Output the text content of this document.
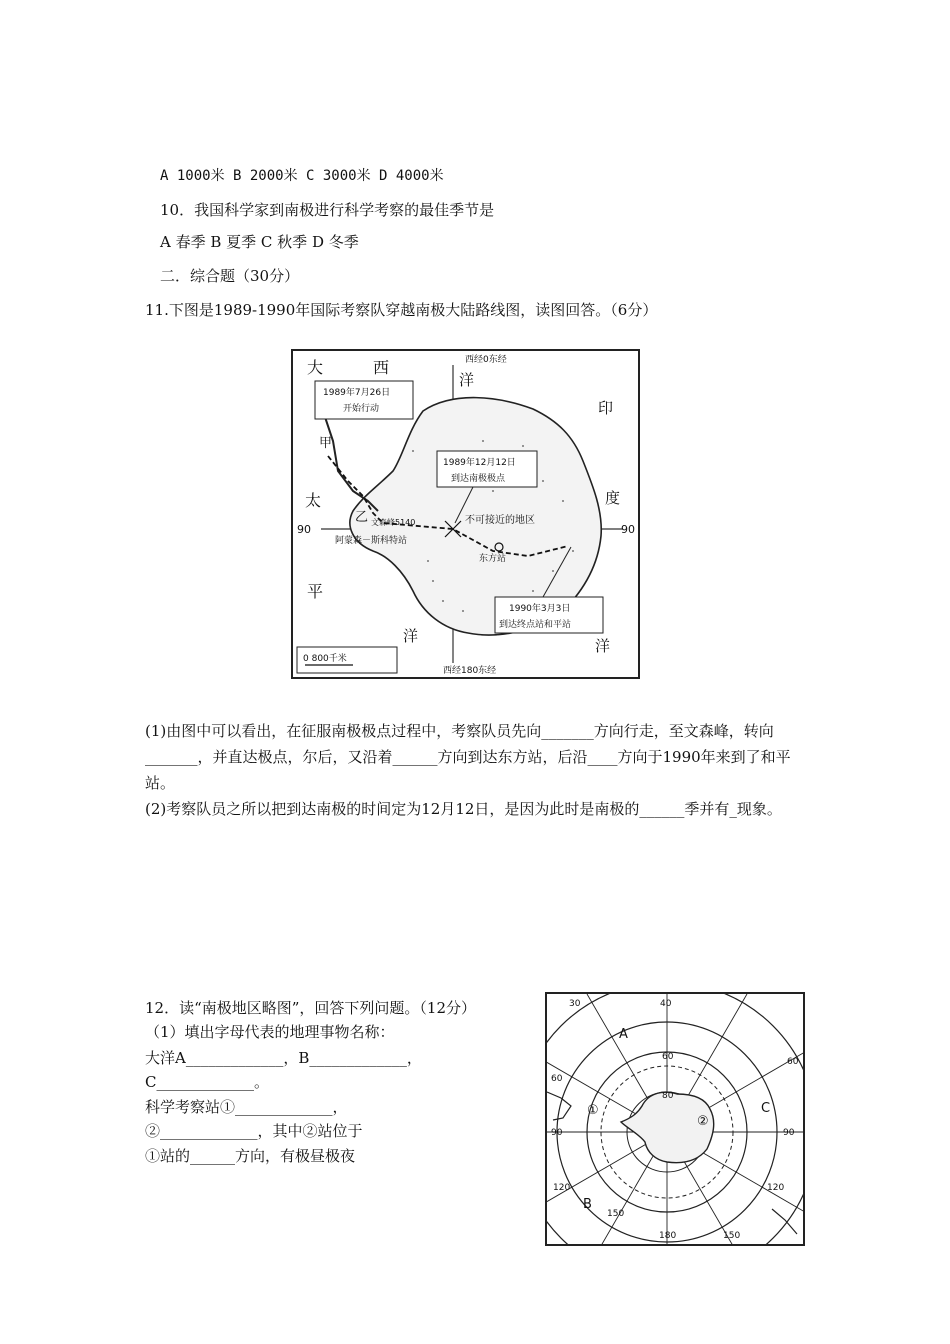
A 1000米 B 2000米 C 3000米 D 4000米
10．我国科学家到南极进行科学考察的最佳季节是
A 春季 B 夏季 C 秋季 D 冬季
二．综合题（30分）
11.下图是1989-1990年国际考察队穿越南极大陆路线图，读图回答。（6分）
大	西
洋
印
度
洋
太
平
洋
西经0东经
西经180东经
90	90
1989年7月26日
开始行动
1989年12月12日
到达南极极点
1990年3月3日
到达终点站和平站
文森峰5140	不可接近的地区
阿蒙森－斯科特站
东方站
乙
甲
0 800千米
(1)由图中可以看出，在征服南极极点过程中，考察队员先向_______方向行走，至文森峰，转向_______，并直达极点，尔后，又沿着______方向到达东方站，后沿____方向于1990年来到了和平站。
(2)考察队员之所以把到达南极的时间定为12月12日，是因为此时是南极的______季并有_现象。
12．读“南极地区略图”，回答下列问题。（12分）
（1）填出字母代表的地理事物名称：
大洋A_____________，B_____________，
C_____________。
科学考察站①_____________，
②_____________，其中②站位于
①站的______方向，有极昼极夜
A
B
C
①
②
30	40
60
60
60
80
90	90
120	120
150
150
180
